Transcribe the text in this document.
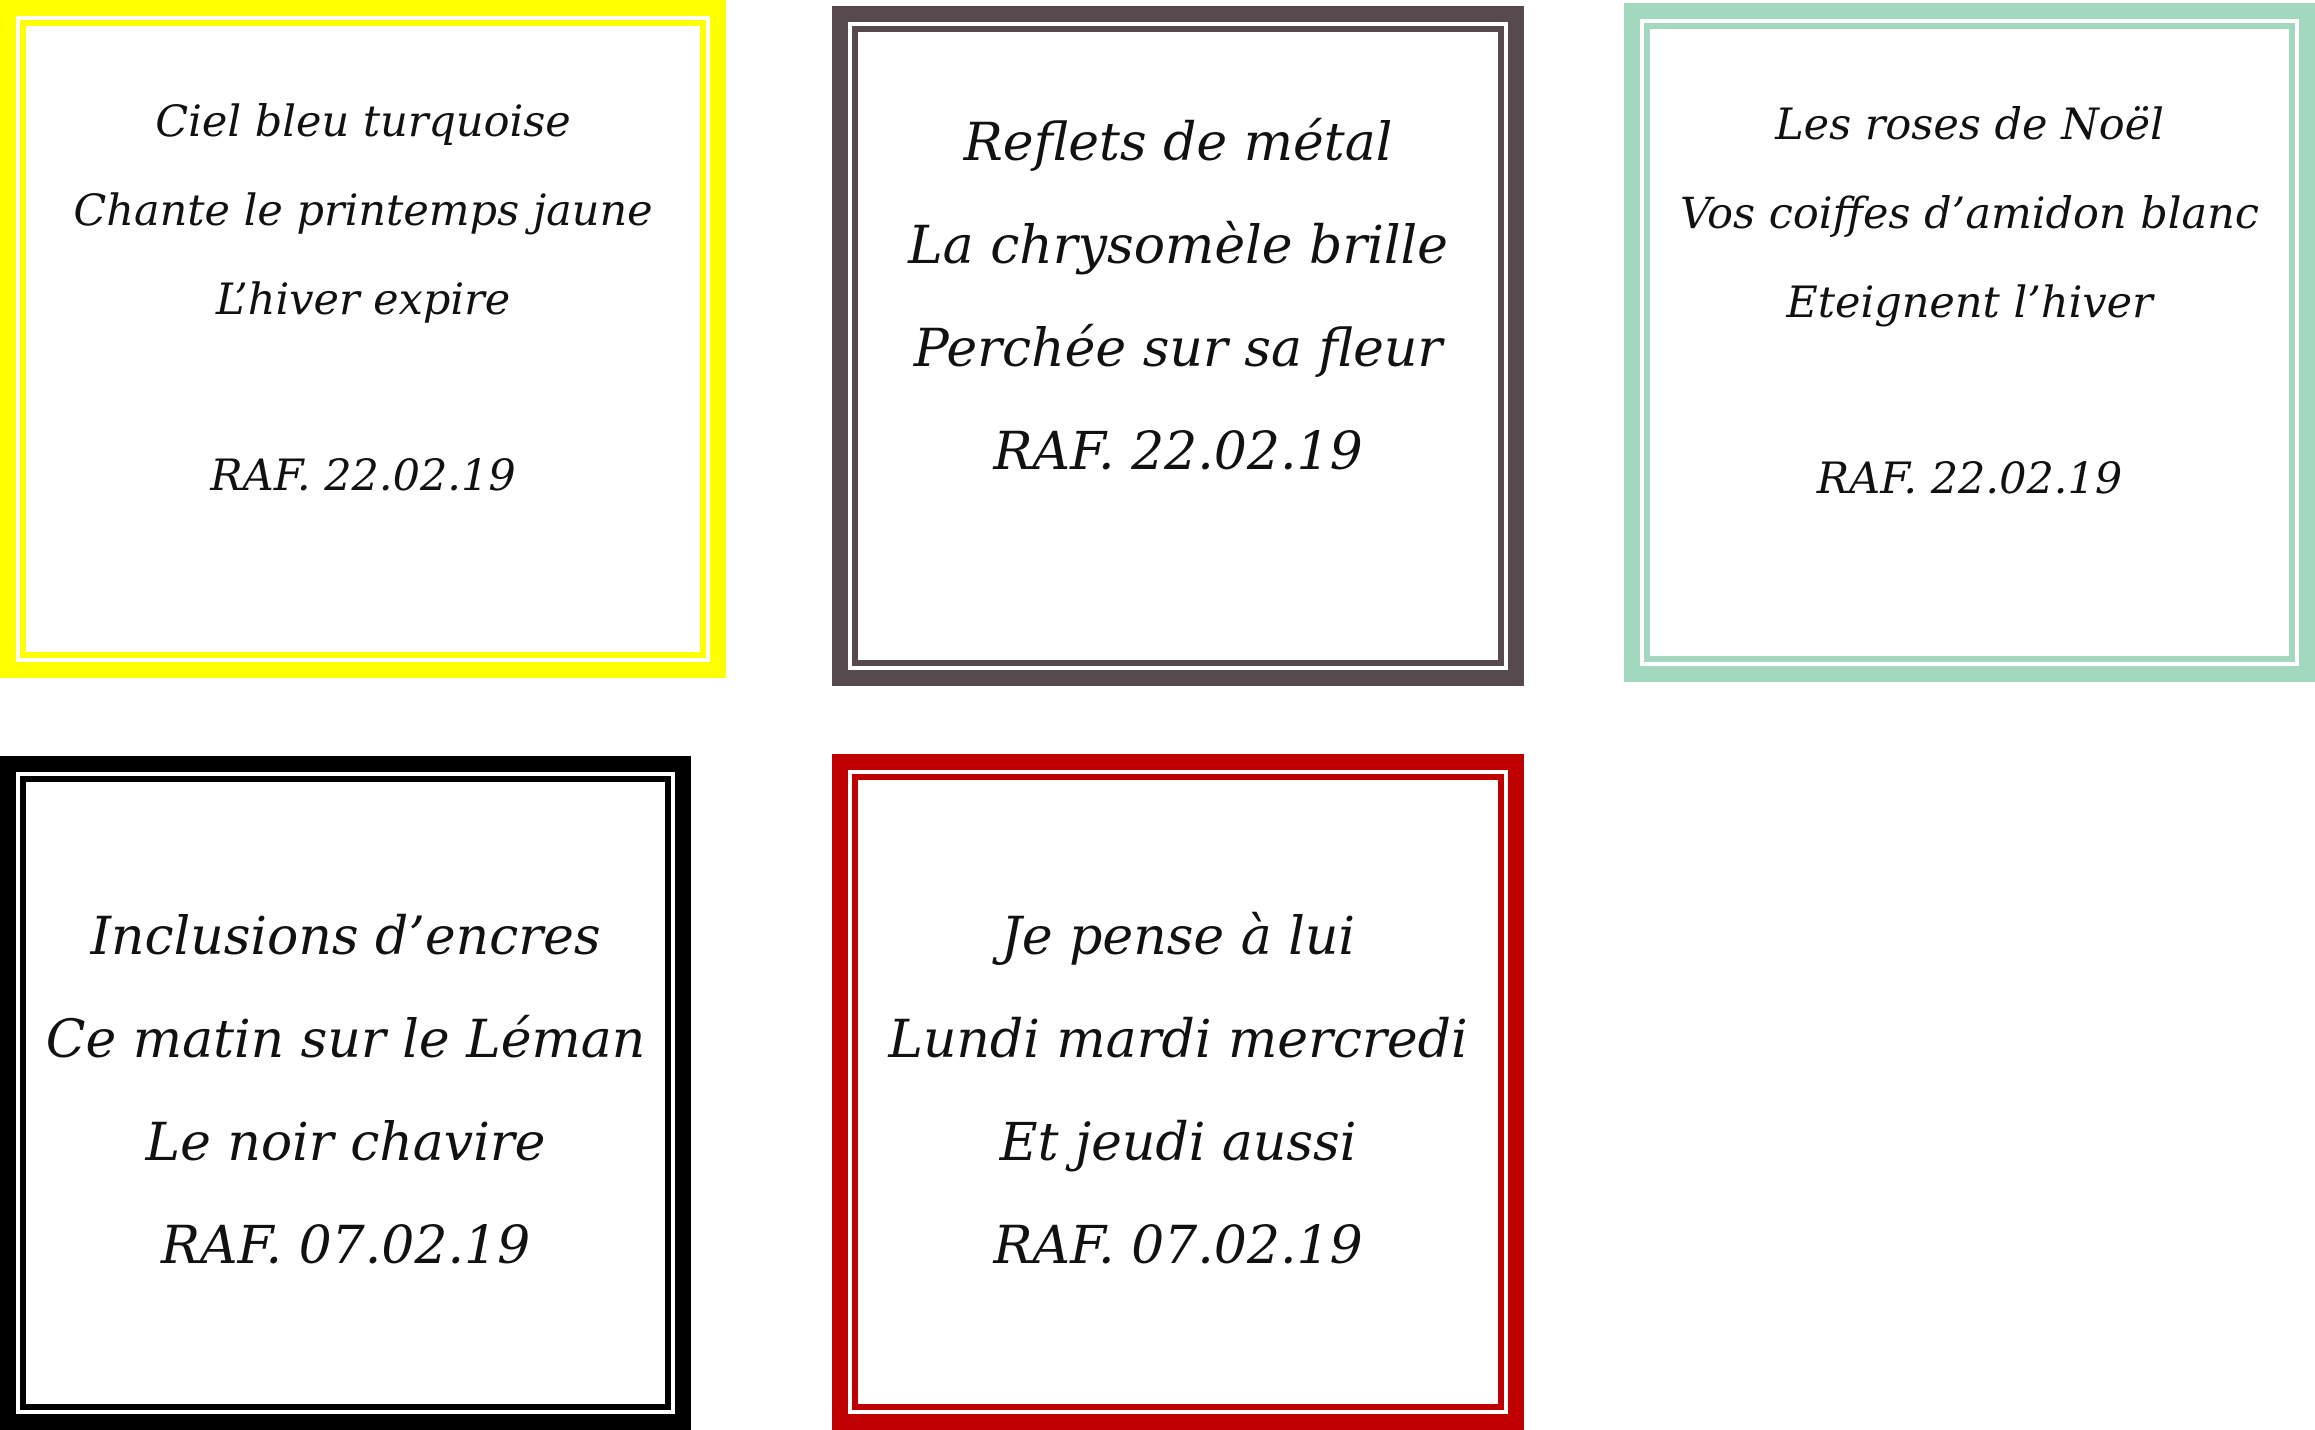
Ciel bleu turquoise
Chante le printemps jaune
L’hiver expire
RAF. 22.02.19
Reflets de métal
La chrysomèle brille
Perchée sur sa fleur
RAF. 22.02.19
Les roses de Noël
Vos coiffes d’amidon blanc
Eteignent l’hiver
RAF. 22.02.19
Inclusions d’encres
Ce matin sur le Léman
Le noir chavire
RAF. 07.02.19
Je pense à lui
Lundi mardi mercredi
Et jeudi aussi
RAF. 07.02.19
